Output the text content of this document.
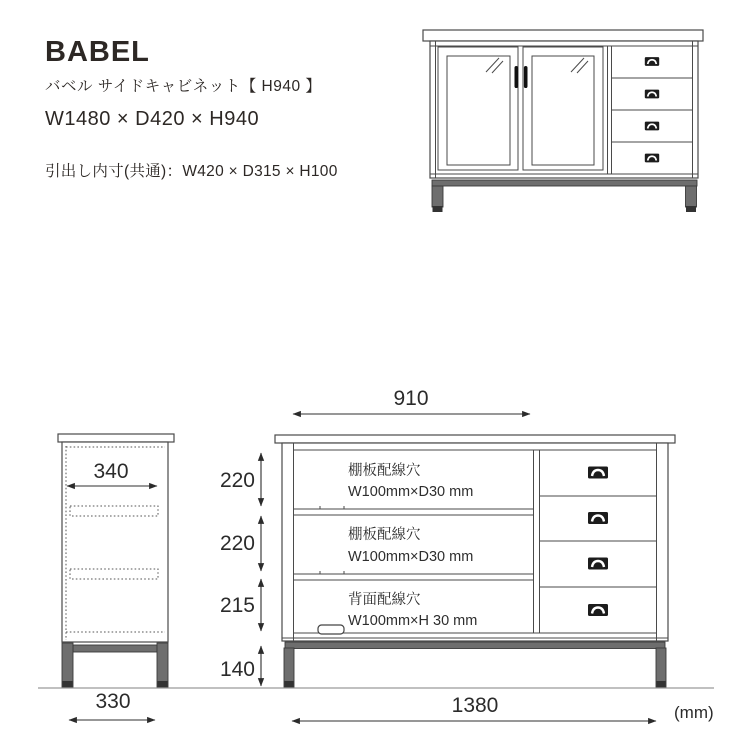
BABEL
バベル サイドキャビネット【 H940 】
W1480 × D420 × H940
引出し内寸(共通)：W420 × D315 × H100
340
330
910
棚板配線穴
W100mm×D30 mm
棚板配線穴
W100mm×D30 mm
背面配線穴
W100mm×H 30 mm
220
220
215
140
1380	(mm)
